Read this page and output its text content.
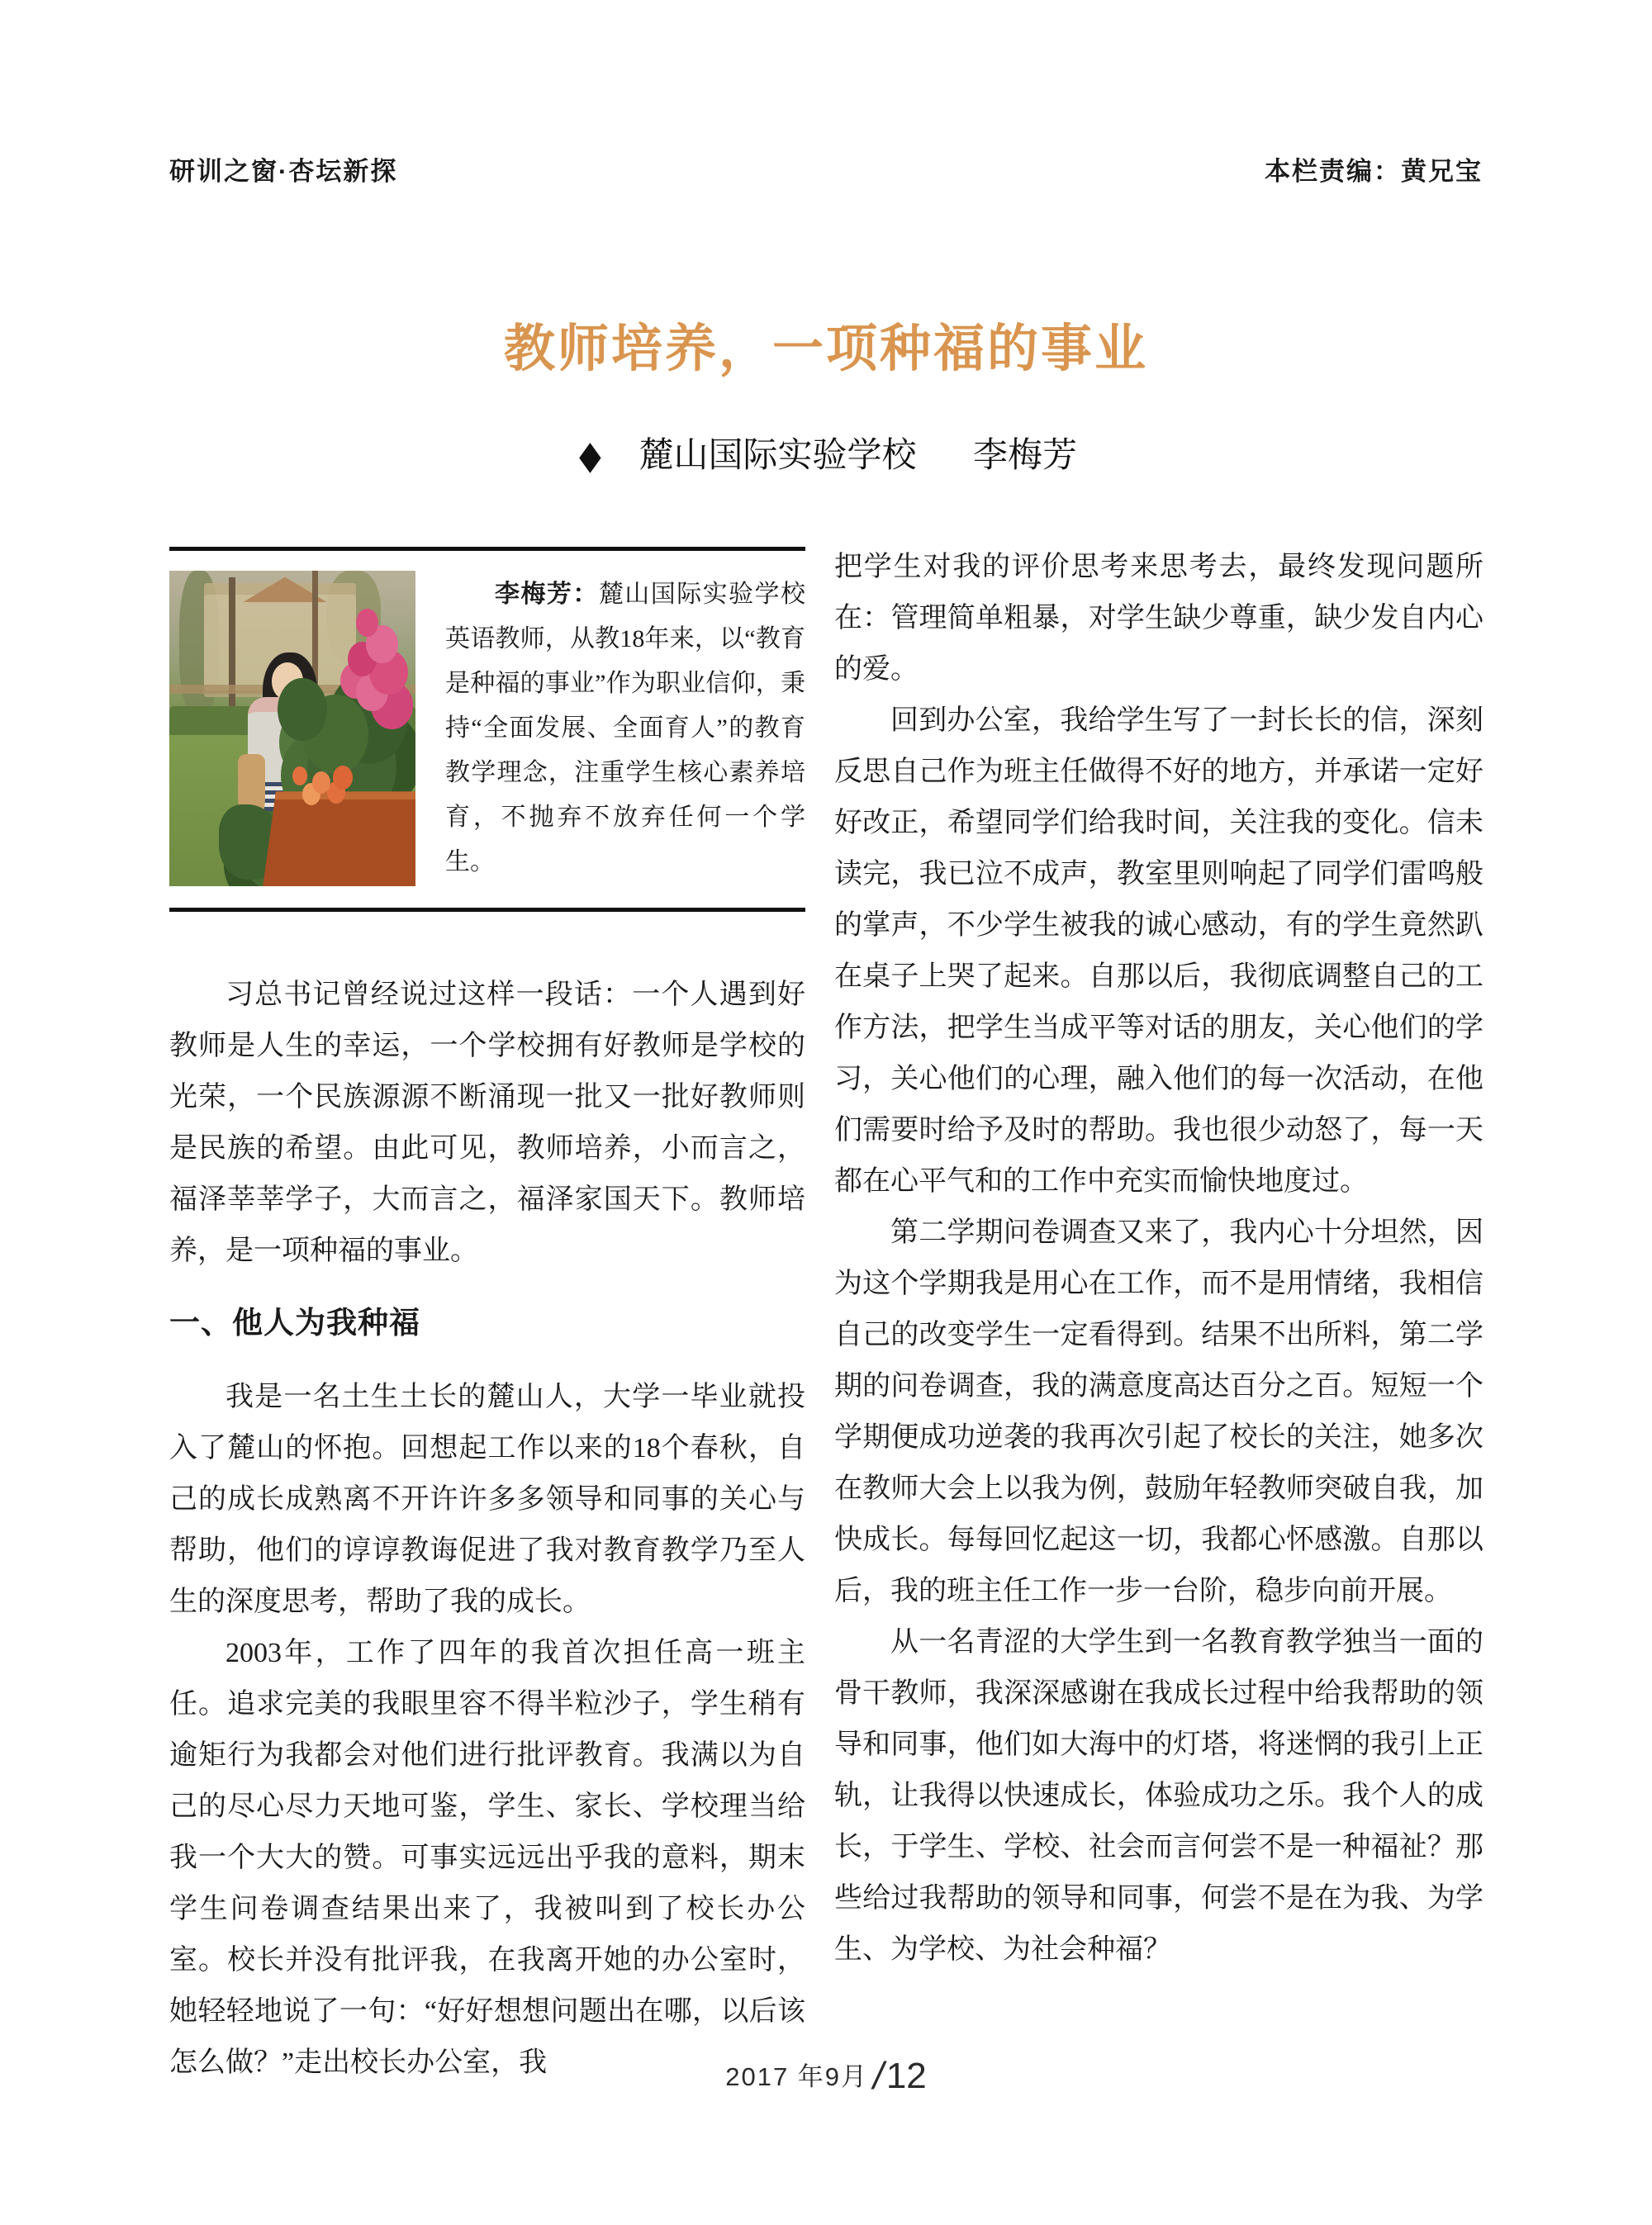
研训之窗·杏坛新探	本栏责编：黄兄宝
教师培养，一项种福的事业
◆ 麓山国际实验学校 李梅芳

李梅芳：麓山国际实验学校英语教师，从教18年来，以“教育是种福的事业”作为职业信仰，秉持“全面发展、全面育人”的教育教学理念，注重学生核心素养培育，不抛弃不放弃任何一个学生。

习总书记曾经说过这样一段话：一个人遇到好教师是人生的幸运，一个学校拥有好教师是学校的光荣，一个民族源源不断涌现一批又一批好教师则是民族的希望。由此可见，教师培养，小而言之，福泽莘莘学子，大而言之，福泽家国天下。教师培养，是一项种福的事业。

一、他人为我种福

我是一名土生土长的麓山人，大学一毕业就投入了麓山的怀抱。回想起工作以来的18个春秋，自己的成长成熟离不开许许多多领导和同事的关心与帮助，他们的谆谆教诲促进了我对教育教学乃至人生的深度思考，帮助了我的成长。

2003年，工作了四年的我首次担任高一班主任。追求完美的我眼里容不得半粒沙子，学生稍有逾矩行为我都会对他们进行批评教育。我满以为自己的尽心尽力天地可鉴，学生、家长、学校理当给我一个大大的赞。可事实远远出乎我的意料，期末学生问卷调查结果出来了，我被叫到了校长办公室。校长并没有批评我，在我离开她的办公室时，她轻轻地说了一句：“好好想想问题出在哪，以后该怎么做？”走出校长办公室，我

把学生对我的评价思考来思考去，最终发现问题所在：管理简单粗暴，对学生缺少尊重，缺少发自内心的爱。

回到办公室，我给学生写了一封长长的信，深刻反思自己作为班主任做得不好的地方，并承诺一定好好改正，希望同学们给我时间，关注我的变化。信未读完，我已泣不成声，教室里则响起了同学们雷鸣般的掌声，不少学生被我的诚心感动，有的学生竟然趴在桌子上哭了起来。自那以后，我彻底调整自己的工作方法，把学生当成平等对话的朋友，关心他们的学习，关心他们的心理，融入他们的每一次活动，在他们需要时给予及时的帮助。我也很少动怒了，每一天都在心平气和的工作中充实而愉快地度过。

第二学期问卷调查又来了，我内心十分坦然，因为这个学期我是用心在工作，而不是用情绪，我相信自己的改变学生一定看得到。结果不出所料，第二学期的问卷调查，我的满意度高达百分之百。短短一个学期便成功逆袭的我再次引起了校长的关注，她多次在教师大会上以我为例，鼓励年轻教师突破自我，加快成长。每每回忆起这一切，我都心怀感激。自那以后，我的班主任工作一步一台阶，稳步向前开展。

从一名青涩的大学生到一名教育教学独当一面的骨干教师，我深深感谢在我成长过程中给我帮助的领导和同事，他们如大海中的灯塔，将迷惘的我引上正轨，让我得以快速成长，体验成功之乐。我个人的成长，于学生、学校、社会而言何尝不是一种福祉？那些给过我帮助的领导和同事，何尝不是在为我、为学生、为学校、为社会种福？

2017 年9月 /12
